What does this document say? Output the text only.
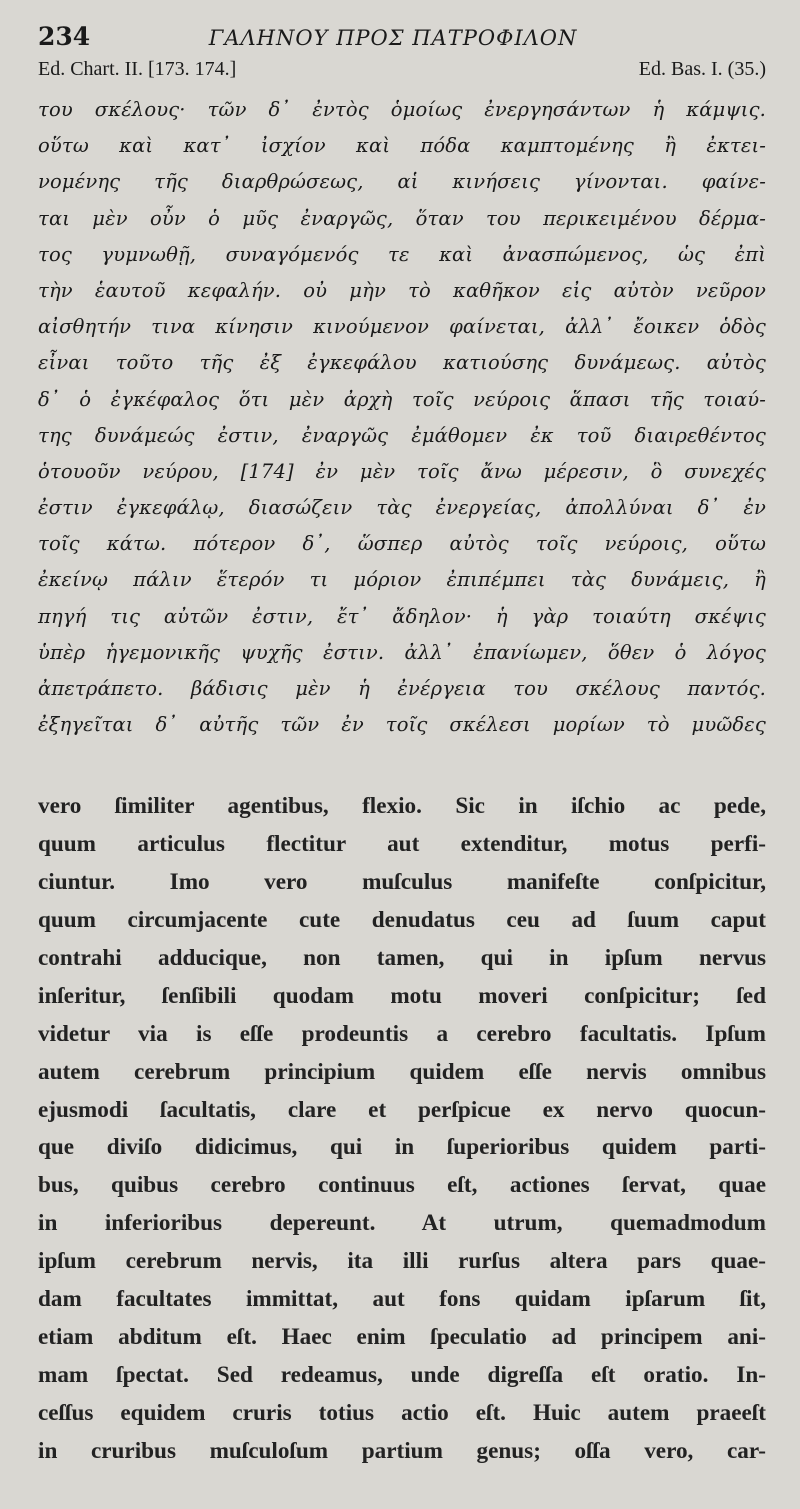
234	ΓΑΛΗΝΟΥ ΠΡΟΣ ΠΑΤΡΟΦΙΛΟΝ
Ed. Chart. II. [173. 174.]	Ed. Bas. I. (35.)
του σκέλους· τῶν δ᾽ ἐντὸς ὁμοίως ἐνεργησάντων ἡ κάμψις.
οὕτω καὶ κατ᾽ ἰσχίον καὶ πόδα καμπτομένης ἢ ἐκτει-
νομένης τῆς διαρθρώσεως, αἱ κινήσεις γίνονται. φαίνε-
ται μὲν οὖν ὁ μῦς ἐναργῶς, ὅταν του περικειμένου δέρμα-
τος γυμνωθῇ, συναγόμενός τε καὶ ἀνασπώμενος, ὡς ἐπὶ
τὴν ἑαυτοῦ κεφαλήν. οὐ μὴν τὸ καθῆκον εἰς αὐτὸν νεῦρον
αἰσθητήν τινα κίνησιν κινούμενον φαίνεται, ἀλλ᾽ ἔοικεν ὁδὸς
εἶναι τοῦτο τῆς ἐξ ἐγκεφάλου κατιούσης δυνάμεως. αὐτὸς
δ᾽ ὁ ἐγκέφαλος ὅτι μὲν ἀρχὴ τοῖς νεύροις ἅπασι τῆς τοιαύ-
της δυνάμεώς ἐστιν, ἐναργῶς ἐμάθομεν ἐκ τοῦ διαιρεθέντος
ὁτουοῦν νεύρου, [174] ἐν μὲν τοῖς ἄνω μέρεσιν, ὃ συνεχές
ἐστιν ἐγκεφάλῳ, διασώζειν τὰς ἐνεργείας, ἀπολλύναι δ᾽ ἐν
τοῖς κάτω. πότερον δ᾽, ὥσπερ αὐτὸς τοῖς νεύροις, οὕτω
ἐκείνῳ πάλιν ἕτερόν τι μόριον ἐπιπέμπει τὰς δυνάμεις, ἢ
πηγή τις αὐτῶν ἐστιν, ἔτ᾽ ἄδηλον· ἡ γὰρ τοιαύτη σκέψις
ὑπὲρ ἡγεμονικῆς ψυχῆς ἐστιν. ἀλλ᾽ ἐπανίωμεν, ὅθεν ὁ λόγος
ἀπετράπετο. βάδισις μὲν ἡ ἐνέργεια του σκέλους παντός.
ἐξηγεῖται δ᾽ αὐτῆς τῶν ἐν τοῖς σκέλεσι μορίων τὸ μυῶδες
vero ſimiliter agentibus, flexio. Sic in iſchio ac pede,
quum articulus flectitur aut extenditur, motus perfi-
ciuntur. Imo vero muſculus manifeſte conſpicitur,
quum circumjacente cute denudatus ceu ad ſuum caput
contrahi adducique, non tamen, qui in ipſum nervus
inſeritur, ſenſibili quodam motu moveri conſpicitur; ſed
videtur via is eſſe prodeuntis a cerebro facultatis. Ipſum
autem cerebrum principium quidem eſſe nervis omnibus
ejusmodi ſacultatis, clare et perſpicue ex nervo quocun-
que diviſo didicimus, qui in ſuperioribus quidem parti-
bus, quibus cerebro continuus eſt, actiones ſervat, quae
in inferioribus depereunt. At utrum, quemadmodum
ipſum cerebrum nervis, ita illi rurſus altera pars quae-
dam facultates immittat, aut fons quidam ipſarum ſit,
etiam abditum eſt. Haec enim ſpeculatio ad principem ani-
mam ſpectat. Sed redeamus, unde digreſſa eſt oratio. In-
ceſſus equidem cruris totius actio eſt. Huic autem praeeſt
in cruribus muſculoſum partium genus; oſſa vero, car-
